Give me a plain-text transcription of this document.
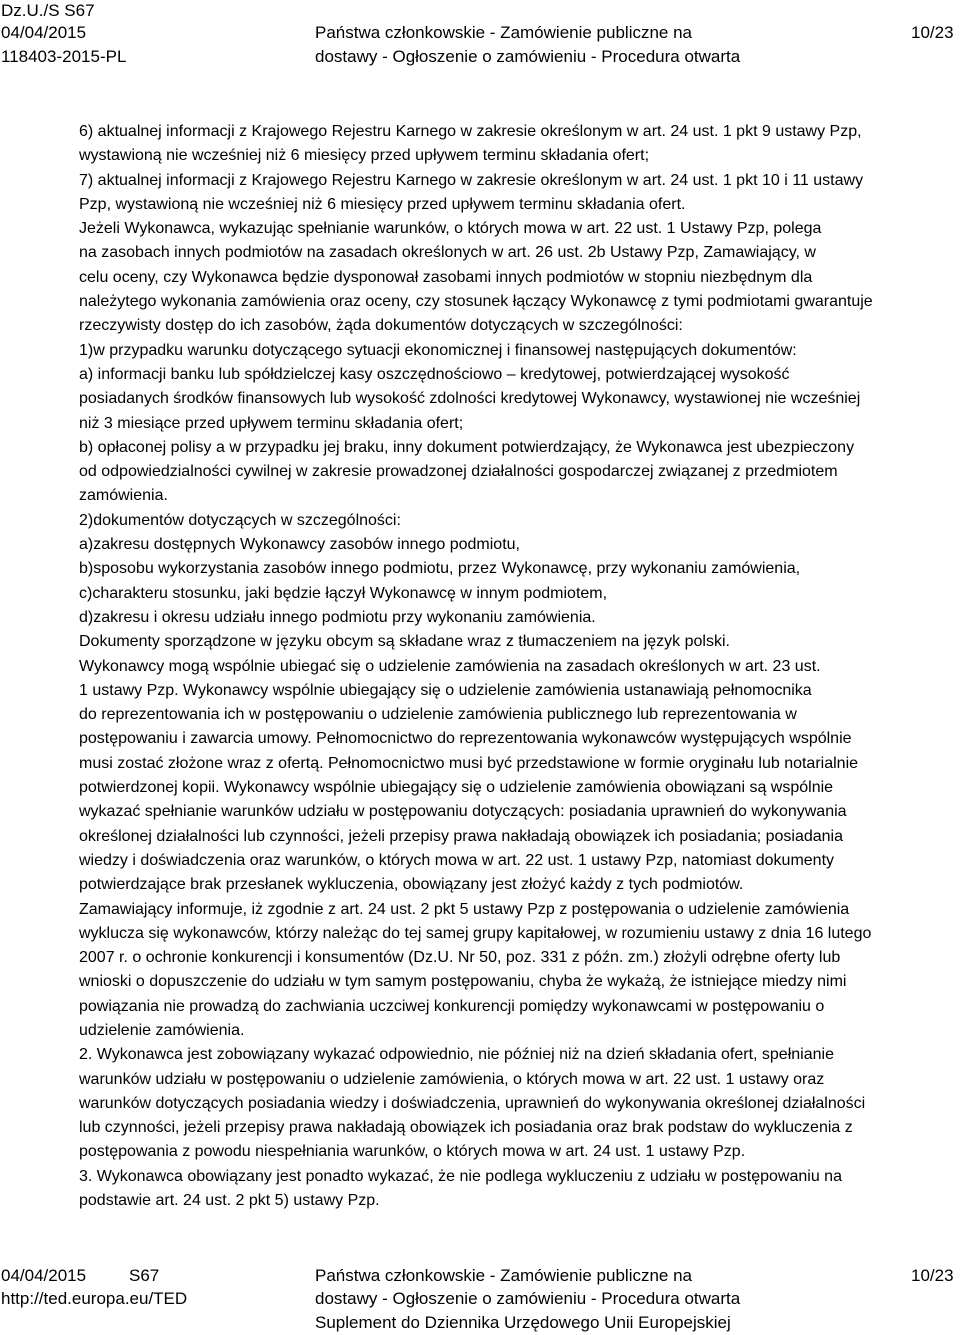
Dz.U./S S67
04/04/2015
118403-2015-PL
Państwa członkowskie - Zamówienie publiczne na
dostawy - Ogłoszenie o zamówieniu - Procedura otwarta
10/23
6) aktualnej informacji z Krajowego Rejestru Karnego w zakresie określonym w art. 24 ust. 1 pkt 9 ustawy Pzp,
wystawioną nie wcześniej niż 6 miesięcy przed upływem terminu składania ofert;
7) aktualnej informacji z Krajowego Rejestru Karnego w zakresie określonym w art. 24 ust. 1 pkt 10 i 11 ustawy
Pzp, wystawioną nie wcześniej niż 6 miesięcy przed upływem terminu składania ofert.
Jeżeli Wykonawca, wykazując spełnianie warunków, o których mowa w art. 22 ust. 1 Ustawy Pzp, polega
na zasobach innych podmiotów na zasadach określonych w art. 26 ust. 2b Ustawy Pzp, Zamawiający, w
celu oceny, czy Wykonawca będzie dysponował zasobami innych podmiotów w stopniu niezbędnym dla
należytego wykonania zamówienia oraz oceny, czy stosunek łączący Wykonawcę z tymi podmiotami gwarantuje
rzeczywisty dostęp do ich zasobów, żąda dokumentów dotyczących w szczególności:
1)w przypadku warunku dotyczącego sytuacji ekonomicznej i finansowej następujących dokumentów:
a) informacji banku lub spółdzielczej kasy oszczędnościowo – kredytowej, potwierdzającej wysokość
posiadanych środków finansowych lub wysokość zdolności kredytowej Wykonawcy, wystawionej nie wcześniej
niż 3 miesiące przed upływem terminu składania ofert;
b) opłaconej polisy a w przypadku jej braku, inny dokument potwierdzający, że Wykonawca jest ubezpieczony
od odpowiedzialności cywilnej w zakresie prowadzonej działalności gospodarczej związanej z przedmiotem
zamówienia.
2)dokumentów dotyczących w szczególności:
a)zakresu dostępnych Wykonawcy zasobów innego podmiotu,
b)sposobu wykorzystania zasobów innego podmiotu, przez Wykonawcę, przy wykonaniu zamówienia,
c)charakteru stosunku, jaki będzie łączył Wykonawcę w innym podmiotem,
d)zakresu i okresu udziału innego podmiotu przy wykonaniu zamówienia.
Dokumenty sporządzone w języku obcym są składane wraz z tłumaczeniem na język polski.
Wykonawcy mogą wspólnie ubiegać się o udzielenie zamówienia na zasadach określonych w art. 23 ust.
1 ustawy Pzp. Wykonawcy wspólnie ubiegający się o udzielenie zamówienia ustanawiają pełnomocnika
do reprezentowania ich w postępowaniu o udzielenie zamówienia publicznego lub reprezentowania w
postępowaniu i zawarcia umowy. Pełnomocnictwo do reprezentowania wykonawców występujących wspólnie
musi zostać złożone wraz z ofertą. Pełnomocnictwo musi być przedstawione w formie oryginału lub notarialnie
potwierdzonej kopii. Wykonawcy wspólnie ubiegający się o udzielenie zamówienia obowiązani są wspólnie
wykazać spełnianie warunków udziału w postępowaniu dotyczących: posiadania uprawnień do wykonywania
określonej działalności lub czynności, jeżeli przepisy prawa nakładają obowiązek ich posiadania; posiadania
wiedzy i doświadczenia oraz warunków, o których mowa w art. 22 ust. 1 ustawy Pzp, natomiast dokumenty
potwierdzające brak przesłanek wykluczenia, obowiązany jest złożyć każdy z tych podmiotów.
Zamawiający informuje, iż zgodnie z art. 24 ust. 2 pkt 5 ustawy Pzp z postępowania o udzielenie zamówienia
wyklucza się wykonawców, którzy należąc do tej samej grupy kapitałowej, w rozumieniu ustawy z dnia 16 lutego
2007 r. o ochronie konkurencji i konsumentów (Dz.U. Nr 50, poz. 331 z późn. zm.) złożyli odrębne oferty lub
wnioski o dopuszczenie do udziału w tym samym postępowaniu, chyba że wykażą, że istniejące miedzy nimi
powiązania nie prowadzą do zachwiania uczciwej konkurencji pomiędzy wykonawcami w postępowaniu o
udzielenie zamówienia.
2. Wykonawca jest zobowiązany wykazać odpowiednio, nie później niż na dzień składania ofert, spełnianie
warunków udziału w postępowaniu o udzielenie zamówienia, o których mowa w art. 22 ust. 1 ustawy oraz
warunków dotyczących posiadania wiedzy i doświadczenia, uprawnień do wykonywania określonej działalności
lub czynności, jeżeli przepisy prawa nakładają obowiązek ich posiadania oraz brak podstaw do wykluczenia z
postępowania z powodu niespełniania warunków, o których mowa w art. 24 ust. 1 ustawy Pzp.
3. Wykonawca obowiązany jest ponadto wykazać, że nie podlega wykluczeniu z udziału w postępowaniu na
podstawie art. 24 ust. 2 pkt 5) ustawy Pzp.
04/04/2015	S67
http://ted.europa.eu/TED
Państwa członkowskie - Zamówienie publiczne na
dostawy - Ogłoszenie o zamówieniu - Procedura otwarta
Suplement do Dziennika Urzędowego Unii Europejskiej
10/23
